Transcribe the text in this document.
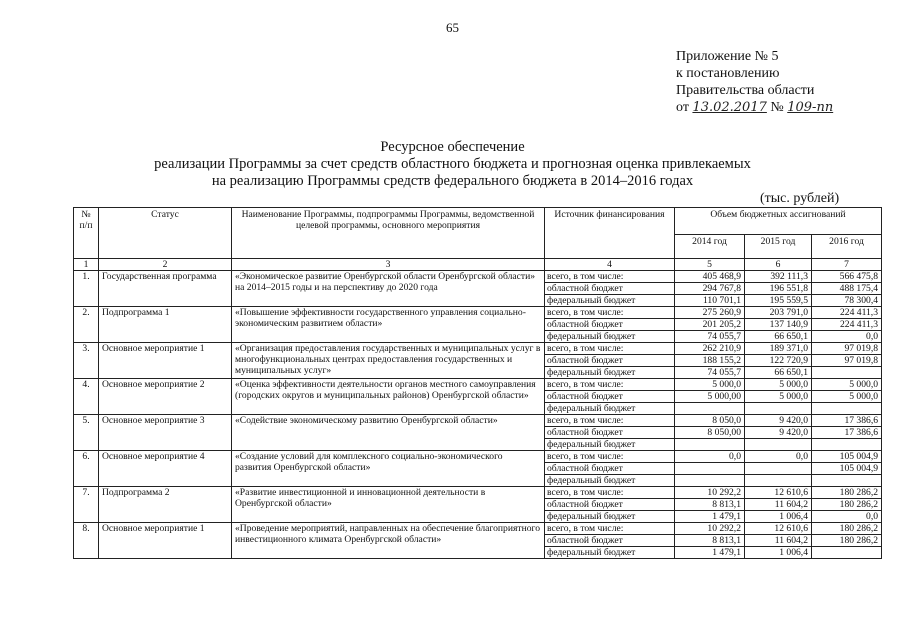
65
Приложение № 5
к постановлению
Правительства области
от 13.02.2017 № 109-пп
Ресурсное обеспечение
реализации Программы за счет средств областного бюджета и прогнозная оценка привлекаемых
на реализацию Программы средств федерального бюджета в 2014–2016 годах
(тыс. рублей)
№ п/п	Статус	Наименование Программы, подпрограммы Программы, ведомственной целевой программы, основного мероприятия	Источник финансирования	Объем бюджетных ассигнований		
				2014 год	2015 год	2016 год
1	2	3	4	5	6	7
1.	Государственная программа	«Экономическое развитие Оренбургской области Оренбургской области» на 2014–2015 годы и на перспективу до 2020 года	всего, в том числе:	405 468,9	392 111,3	566 475,8
			областной бюджет	294 767,8	196 551,8	488 175,4
			федеральный бюджет	110 701,1	195 559,5	78 300,4
2.	Подпрограмма 1	«Повышение эффективности государственного управления социально-экономическим развитием области»	всего, в том числе:	275 260,9	203 791,0	224 411,3
			областной бюджет	201 205,2	137 140,9	224 411,3
			федеральный бюджет	74 055,7	66 650,1	0,0
3.	Основное мероприятие 1	«Организация предоставления государственных и муниципальных услуг в многофункциональных центрах предоставления государственных и муниципальных услуг»	всего, в том числе:	262 210,9	189 371,0	97 019,8
			областной бюджет	188 155,2	122 720,9	97 019,8
			федеральный бюджет	74 055,7	66 650,1	
4.	Основное мероприятие 2	«Оценка эффективности деятельности органов местного самоуправления (городских округов и муниципальных районов) Оренбургской области»	всего, в том числе:	5 000,0	5 000,0	5 000,0
			областной бюджет	5 000,00	5 000,0	5 000,0
			федеральный бюджет			
5.	Основное мероприятие 3	«Содействие экономическому развитию Оренбургской области»	всего, в том числе:	8 050,0	9 420,0	17 386,6
			областной бюджет	8 050,00	9 420,0	17 386,6
			федеральный бюджет			
6.	Основное мероприятие 4	«Создание условий для комплексного социально-экономического развития Оренбургской области»	всего, в том числе:	0,0	0,0	105 004,9
			областной бюджет			105 004,9
			федеральный бюджет			
7.	Подпрограмма 2	«Развитие инвестиционной и инновационной деятельности в Оренбургской области»	всего, в том числе:	10 292,2	12 610,6	180 286,2
			областной бюджет	8 813,1	11 604,2	180 286,2
			федеральный бюджет	1 479,1	1 006,4	0,0
8.	Основное мероприятие 1	«Проведение мероприятий, направленных на обеспечение благоприятного инвестиционного климата Оренбургской области»	всего, в том числе:	10 292,2	12 610,6	180 286,2
			областной бюджет	8 813,1	11 604,2	180 286,2
			федеральный бюджет	1 479,1	1 006,4	
